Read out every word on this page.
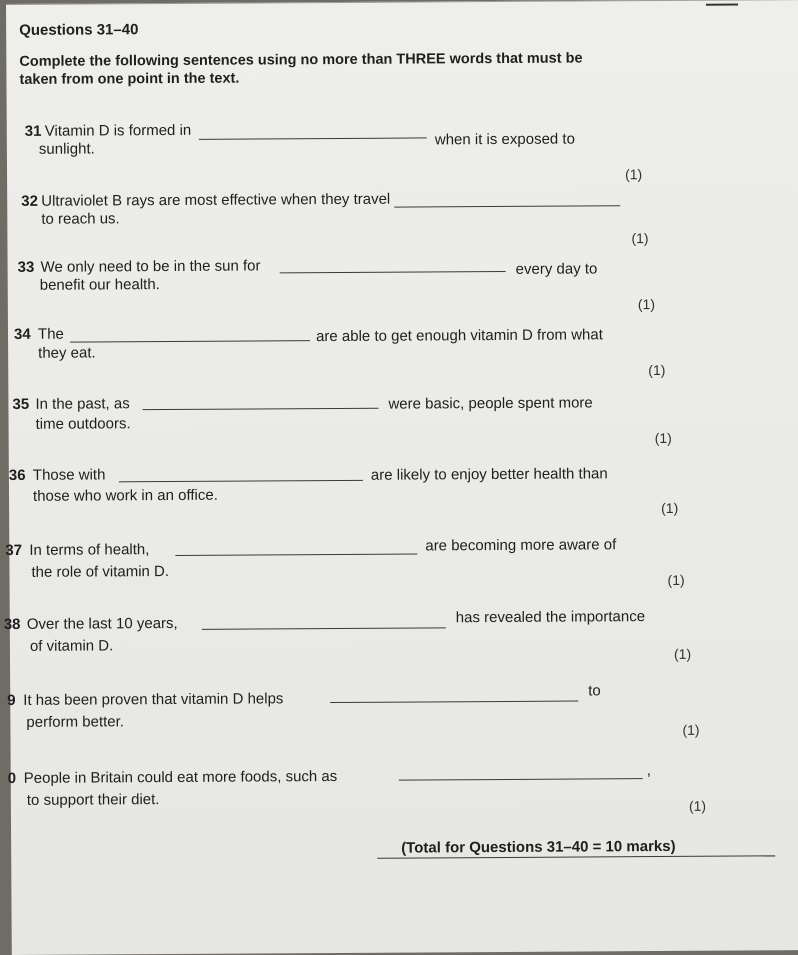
Questions 31–40
Complete the following sentences using no more than THREE words that must be
taken from one point in the text.
31 Vitamin D is formed in	when it is exposed to
sunlight.
(1)
32 Ultraviolet B rays are most effective when they travel
to reach us.
(1)
33 We only need to be in the sun for	every day to
benefit our health.
(1)
34 The	are able to get enough vitamin D from what
they eat.
(1)
35 In the past, as	were basic, people spent more
time outdoors.
(1)
36 Those with	are likely to enjoy better health than
those who work in an office.
(1)
37 In terms of health,	are becoming more aware of
the role of vitamin D.	(1)
38 Over the last 10 years,	has revealed the importance
of vitamin D.	(1)
9 It has been proven that vitamin D helps	to
perform better.	(1)
0 People in Britain could eat more foods, such as	,
to support their diet.	(1)
(Total for Questions 31–40 = 10 marks)
